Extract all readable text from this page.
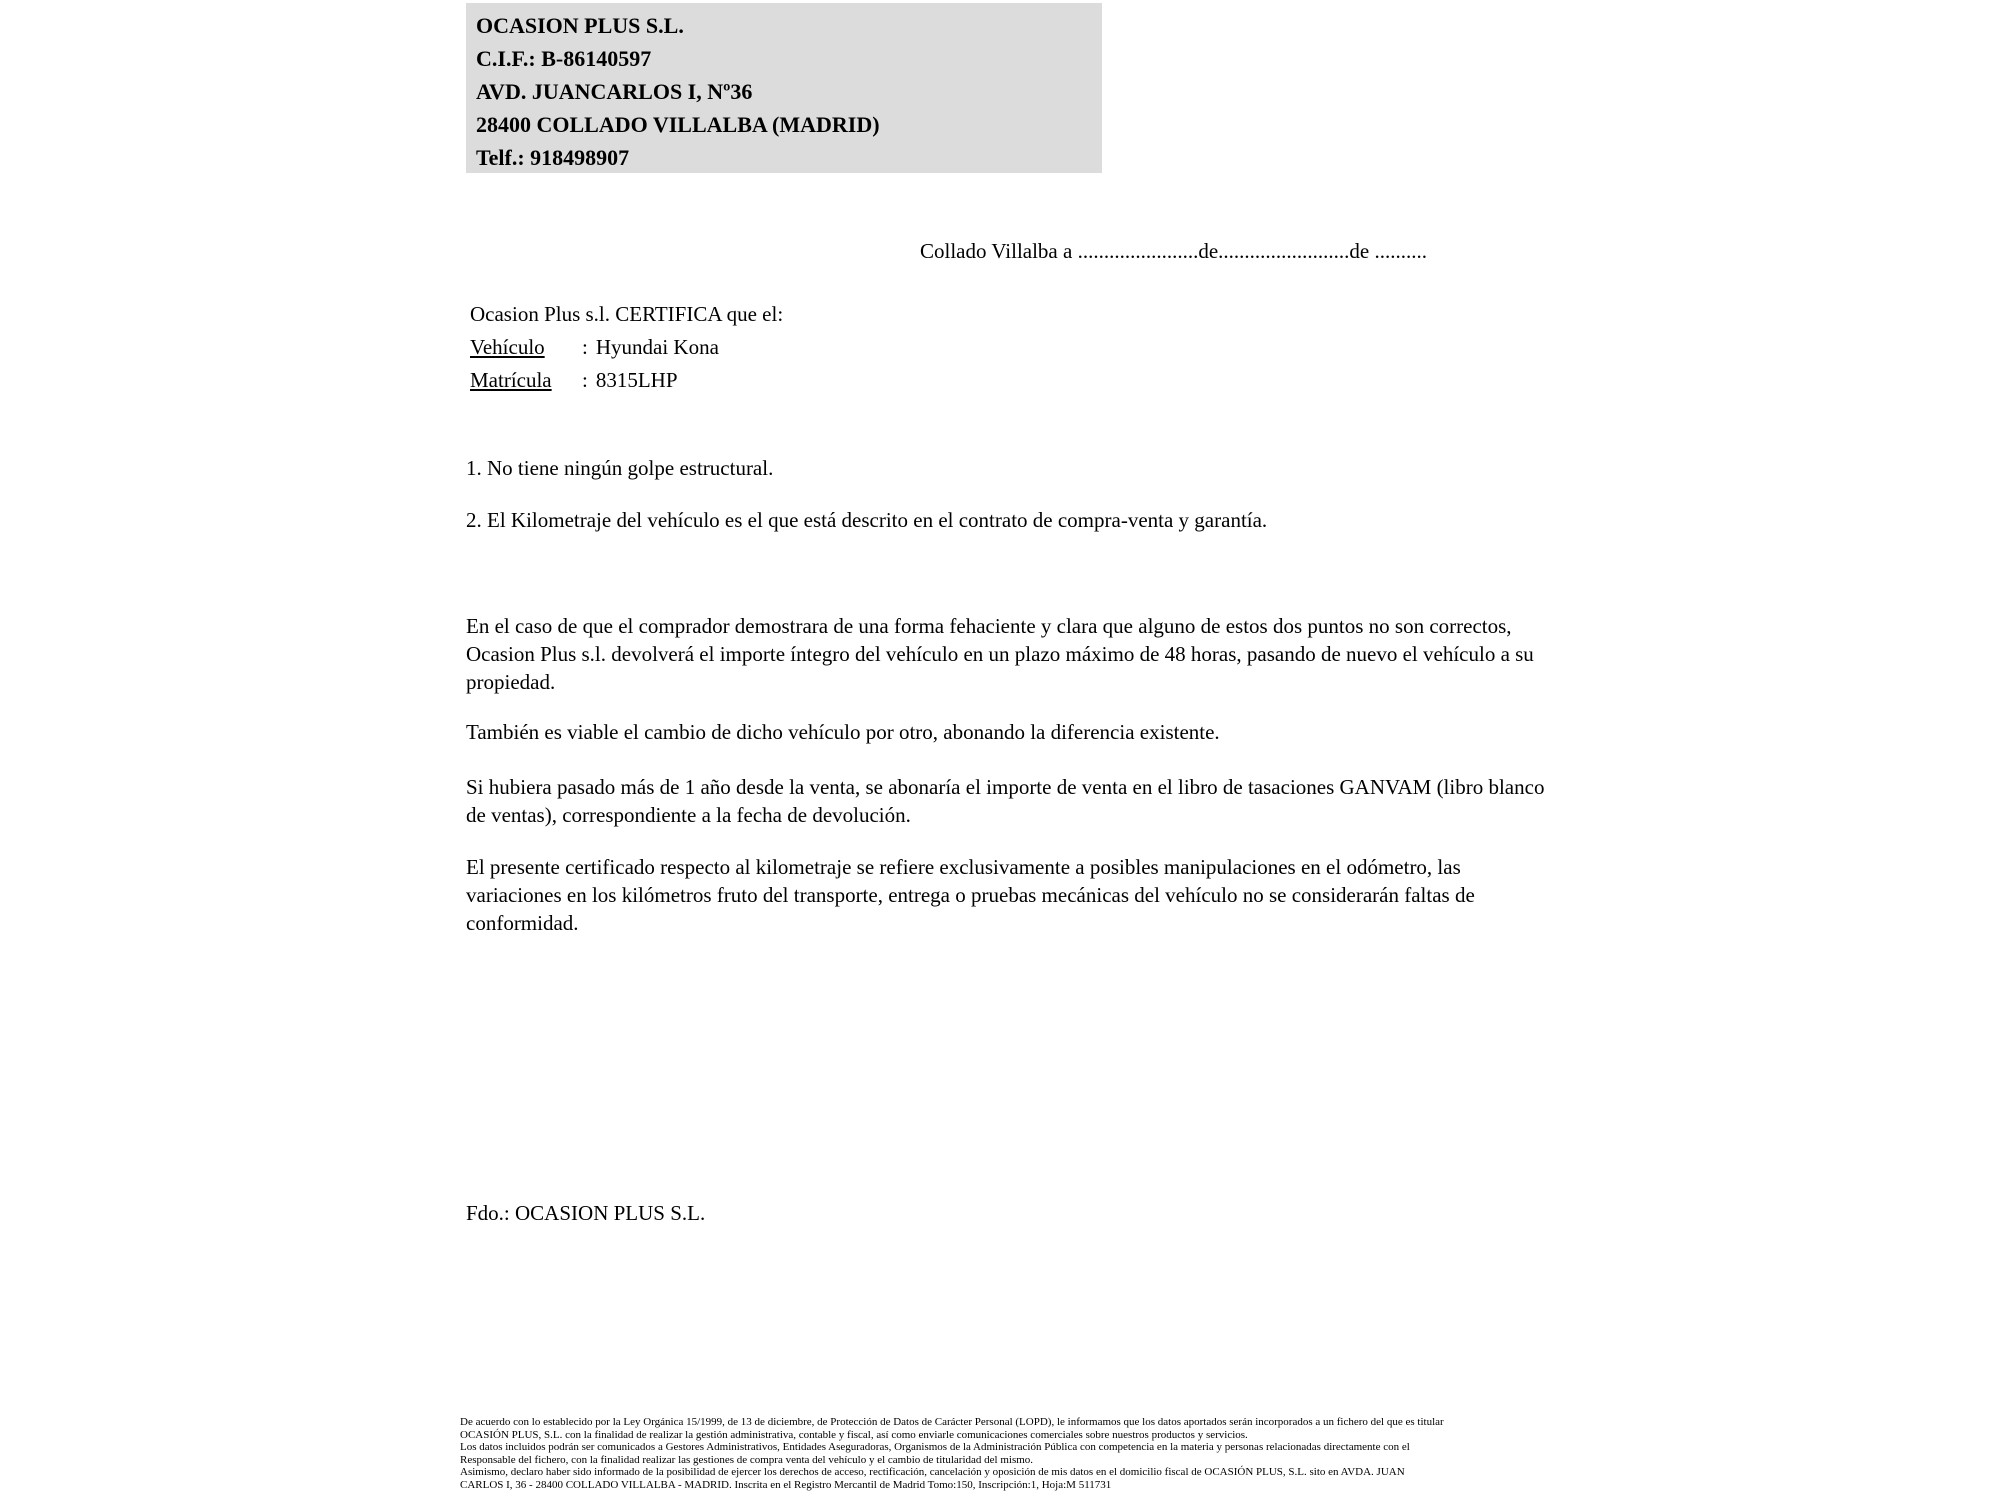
OCASION PLUS S.L.
C.I.F.: B-86140597
AVD. JUANCARLOS I, Nº36
28400 COLLADO VILLALBA (MADRID)
Telf.: 918498907
Collado Villalba a .......................de.........................de ..........
Ocasion Plus s.l. CERTIFICA que el:
Vehículo : Hyundai Kona
Matrícula : 8315LHP
1. No tiene ningún golpe estructural.
2. El Kilometraje del vehículo es el que está descrito en el contrato de compra-venta y garantía.
En el caso de que el comprador demostrara de una forma fehaciente y clara que alguno de estos dos puntos no son correctos, Ocasion Plus s.l. devolverá el importe íntegro del vehículo en un plazo máximo de 48 horas, pasando de nuevo el vehículo a su propiedad.
También es viable el cambio de dicho vehículo por otro, abonando la diferencia existente.
Si hubiera pasado más de 1 año desde la venta, se abonaría el importe de venta en el libro de tasaciones GANVAM (libro blanco de ventas), correspondiente a la fecha de devolución.
El presente certificado respecto al kilometraje se refiere exclusivamente a posibles manipulaciones en el odómetro, las variaciones en los kilómetros fruto del transporte, entrega o pruebas mecánicas del vehículo no se considerarán faltas de conformidad.
Fdo.: OCASION PLUS S.L.
De acuerdo con lo establecido por la Ley Orgánica 15/1999, de 13 de diciembre, de Protección de Datos de Carácter Personal (LOPD), le informamos que los datos aportados serán incorporados a un fichero del que es titular
OCASIÓN PLUS, S.L. con la finalidad de realizar la gestión administrativa, contable y fiscal, así como enviarle comunicaciones comerciales sobre nuestros productos y servicios.
Los datos incluidos podrán ser comunicados a Gestores Administrativos, Entidades Aseguradoras, Organismos de la Administración Pública con competencia en la materia y personas relacionadas directamente con el
Responsable del fichero, con la finalidad realizar las gestiones de compra venta del vehículo y el cambio de titularidad del mismo.
Asimismo, declaro haber sido informado de la posibilidad de ejercer los derechos de acceso, rectificación, cancelación y oposición de mis datos en el domicilio fiscal de OCASIÓN PLUS, S.L. sito en AVDA. JUAN
CARLOS I, 36 - 28400 COLLADO VILLALBA - MADRID. Inscrita en el Registro Mercantil de Madrid Tomo:150, Inscripción:1, Hoja:M 511731
